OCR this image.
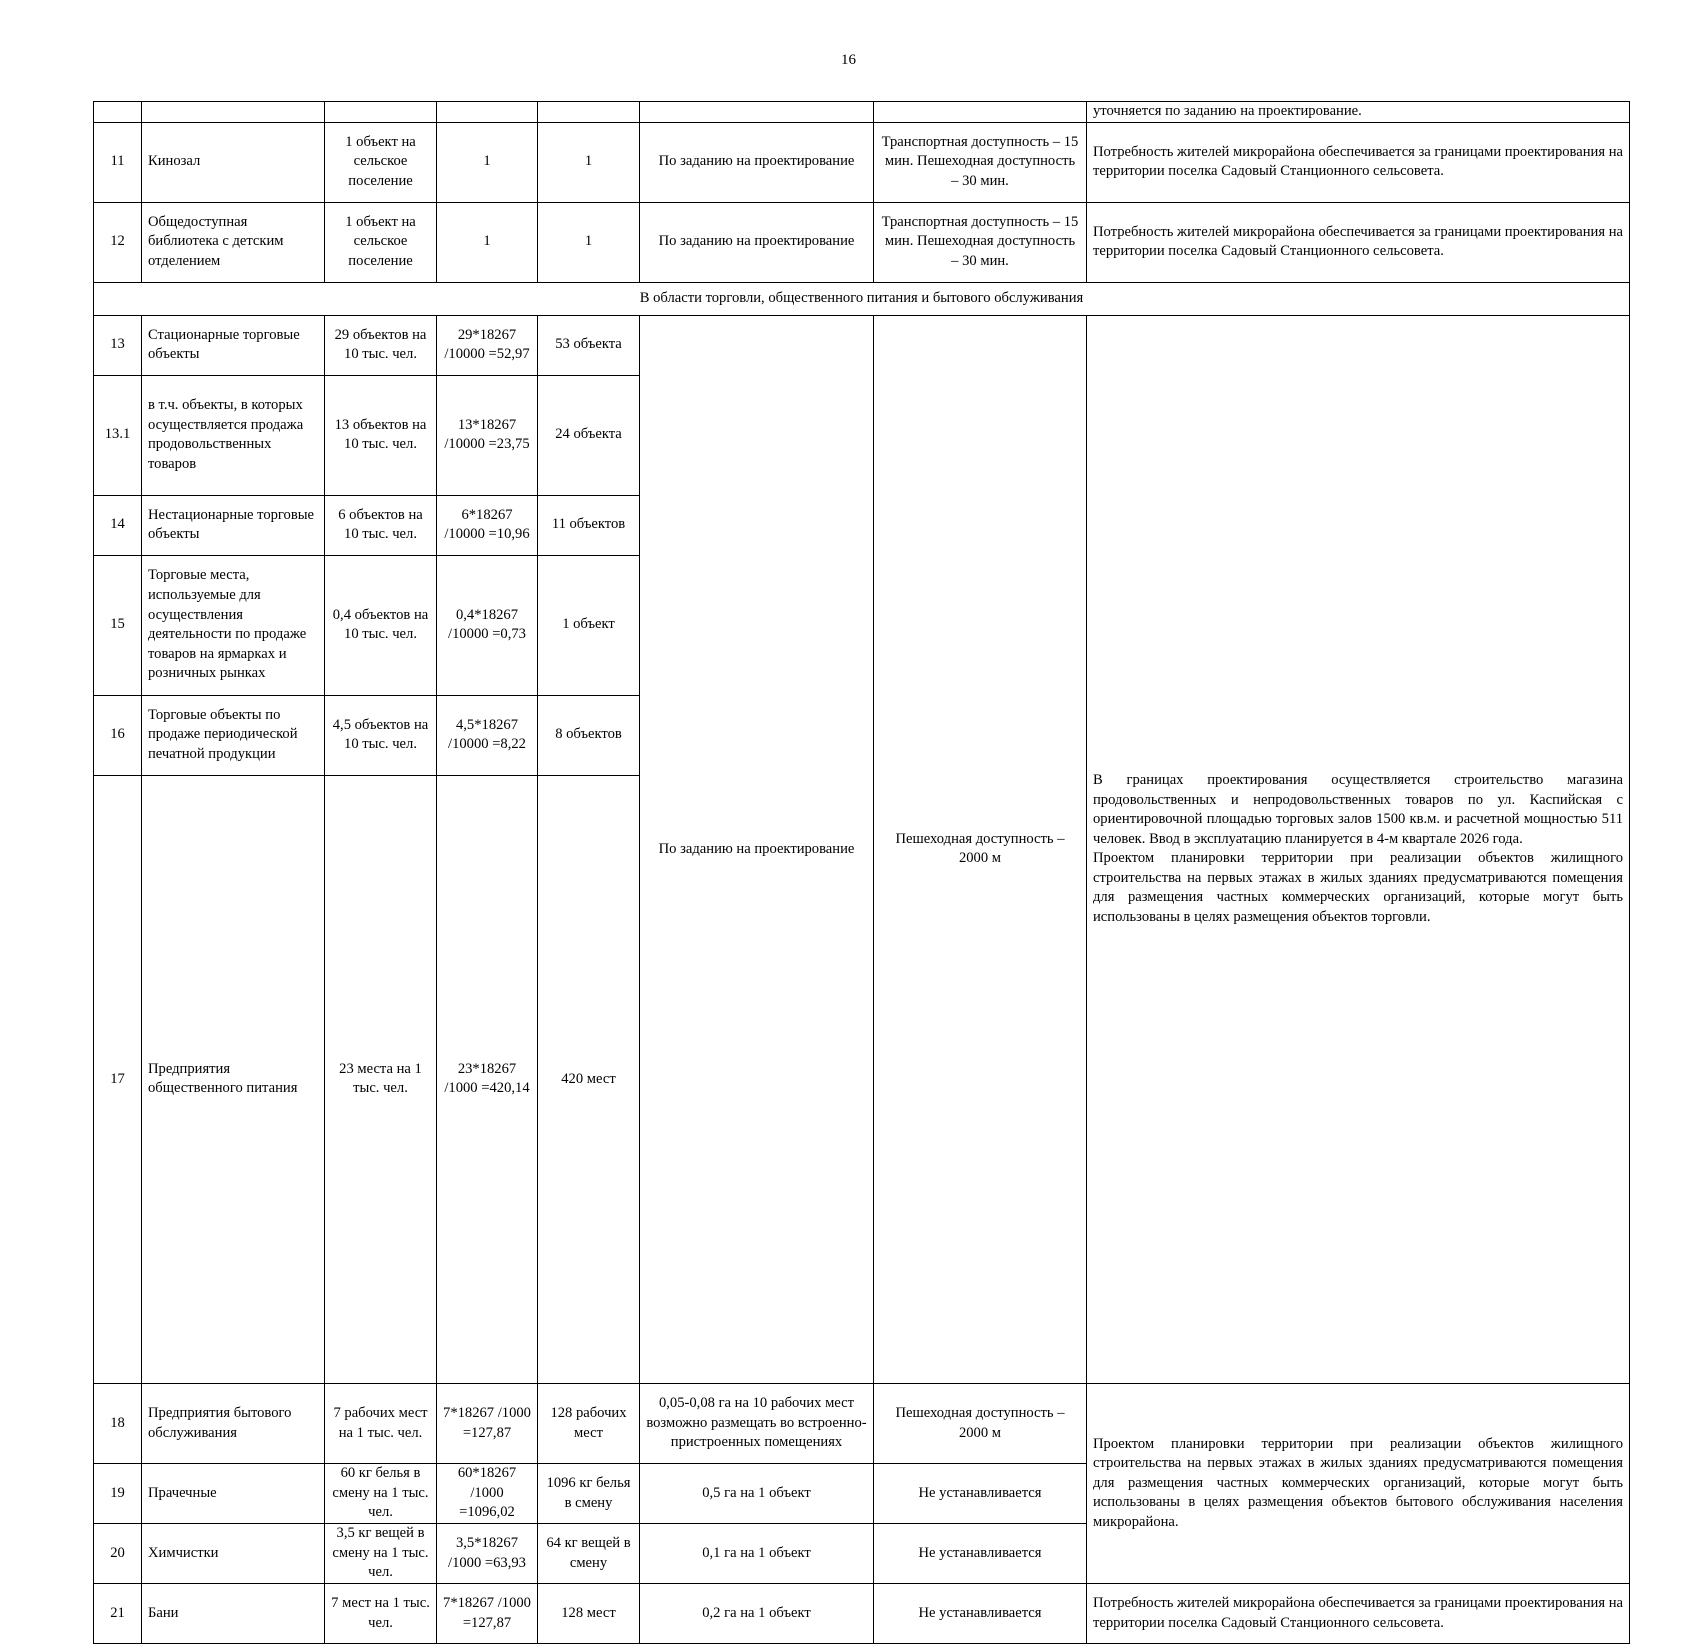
16
							уточняется по заданию на проектирование.	
11	Кинозал	1 объект на сельское поселение	1	1	По заданию на проектирование	Транспортная доступность – 15 мин. Пешеходная доступность – 30 мин.	Потребность жителей микрорайона обеспечивается за границами проектирования на территории поселка Садовый Станционного сельсовета.	
12	Общедоступная библиотека с детским отделением	1 объект на сельское поселение	1	1	По заданию на проектирование	Транспортная доступность – 15 мин. Пешеходная доступность – 30 мин.	Потребность жителей микрорайона обеспечивается за границами проектирования на территории поселка Садовый Станционного сельсовета.	
В области торговли, общественного питания и бытового обслуживания								
13	Стационарные торговые объекты	29 объектов на 10 тыс. чел.	29*18267 /10000 =52,97	53 объекта	По заданию на проектирование	Пешеходная доступность – 2000 м	В границах проектирования осуществляется строительство магазина продовольственных и непродовольственных товаров по ул. Каспийская с ориентировочной площадью торговых залов 1500 кв.м. и расчетной мощностью 511 человек. Ввод в эксплуатацию планируется в 4-м квартале 2026 года.
Проектом планировки территории при реализации объектов жилищного строительства на первых этажах в жилых зданиях предусматриваются помещения для размещения частных коммерческих организаций, которые могут быть использованы в целях размещения объектов торговли.	

13.1	в т.ч. объекты, в которых осуществляется продажа продовольственных товаров	13 объектов на 10 тыс. чел.	13*18267 /10000 =23,75	24 объекта				
14	Нестационарные торговые объекты	6 объектов на 10 тыс. чел.	6*18267 /10000 =10,96	11 объектов				
15	Торговые места, используемые для осуществления деятельности по продаже товаров на ярмарках и розничных рынках	0,4 объектов на 10 тыс. чел.	0,4*18267 /10000 =0,73	1 объект				
16	Торговые объекты по продаже периодической печатной продукции	4,5 объектов на 10 тыс. чел.	4,5*18267 /10000 =8,22	8 объектов				
17	Предприятия общественного питания	23 места на 1 тыс. чел.	23*18267 /1000 =420,14	420 мест			
18	Предприятия бытового обслуживания	7 рабочих мест на 1 тыс. чел.	7*18267 /1000 =127,87	128 рабочих мест	0,05-0,08 га на 10 рабочих мест возможно размещать во встроенно-пристроенных помещениях	Пешеходная доступность – 2000 м	Проектом планировки территории при реализации объектов жилищного строительства на первых этажах в жилых зданиях предусматриваются помещения для размещения частных коммерческих организаций, которые могут быть использованы в целях размещения объектов бытового обслуживания населения микрорайона.	
19	Прачечные	60 кг белья в смену на 1 тыс. чел.	60*18267 /1000 =1096,02	1096 кг белья в смену	0,5 га на 1 объект	Не устанавливается		
20	Химчистки	3,5 кг вещей в смену на 1 тыс. чел.	3,5*18267 /1000 =63,93	64 кг вещей в смену	0,1 га на 1 объект	Не устанавливается		
21	Бани	7 мест на 1 тыс. чел.	7*18267 /1000 =127,87	128 мест	0,2 га на 1 объект	Не устанавливается	Потребность жителей микрорайона обеспечивается за границами проектирования на территории поселка Садовый Станционного сельсовета.	
